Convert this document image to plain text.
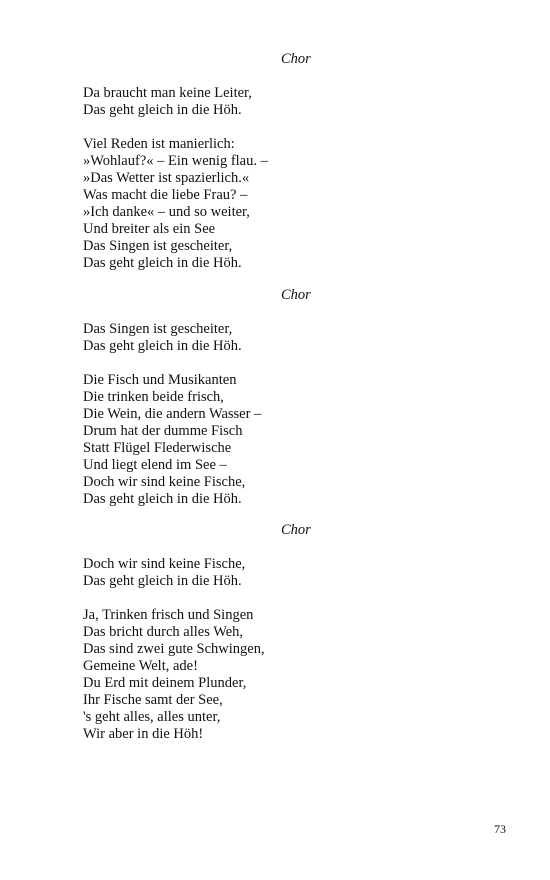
Chor
Da braucht man keine Leiter,
Das geht gleich in die Höh.
Viel Reden ist manierlich:
»Wohlauf?« – Ein wenig flau. –
»Das Wetter ist spazierlich.«
Was macht die liebe Frau? –
»Ich danke« – und so weiter,
Und breiter als ein See
Das Singen ist gescheiter,
Das geht gleich in die Höh.
Chor
Das Singen ist gescheiter,
Das geht gleich in die Höh.
Die Fisch und Musikanten
Die trinken beide frisch,
Die Wein, die andern Wasser –
Drum hat der dumme Fisch
Statt Flügel Flederwische
Und liegt elend im See –
Doch wir sind keine Fische,
Das geht gleich in die Höh.
Chor
Doch wir sind keine Fische,
Das geht gleich in die Höh.
Ja, Trinken frisch und Singen
Das bricht durch alles Weh,
Das sind zwei gute Schwingen,
Gemeine Welt, ade!
Du Erd mit deinem Plunder,
Ihr Fische samt der See,
's geht alles, alles unter,
Wir aber in die Höh!
73
